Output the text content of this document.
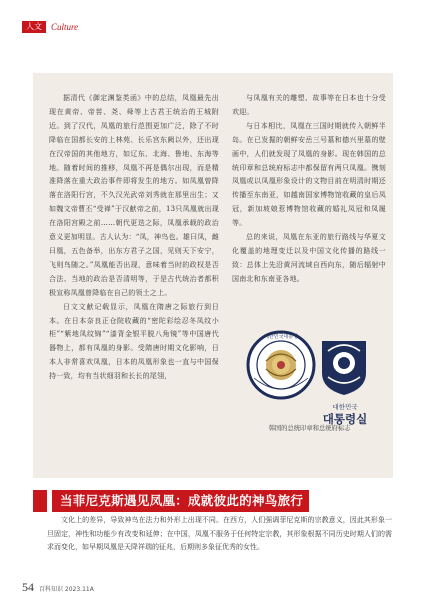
人文	Culture

据清代《御定渊鉴类函》中的总结，凤凰最先出现在黄帝、帝喾、尧、舜等上古君王统治的王城附近。到了汉代，凤凰的旅行范围更加广泛，除了不时降临在国都长安的上林苑、长乐宫东阙以外，还出现在汉帝国的其他地方，如辽东、北海、鲁地、东海等地。随着时间的推移，凤凰不再是偶尔出现，而是精准降落在重大政治事件即将发生的地方。如凤凰曾降落在洛阳行宫，不久汉光武帝刘秀就在那里出生；又如魏文帝曹丕“受禅”于汉献帝之前，13只凤凰就出现在洛阳宫殿之前……朝代更迭之际，凤凰承载的政治意义更加明显。古人认为：“凤，神鸟也。雄曰凤，雌曰凰，五色备举，出东方君子之国，见则天下安宁，飞则鸟随之。”凤凰能否出现，意味着当时的政权是否合法、当地的政治是否清明等，于是古代统治者都积极宣称凤凰曾降临在自己的领土之上。

日文文献记载显示，凤凰在隋唐之际旅行到日本。在日本奈良正仓院收藏的“密陀彩绘忍冬凤纹小柜”“紫地凤纹锦”“漆背金银平脱八角镜”等中国唐代器物上，都有凤凰的身影。受隋唐时期文化影响，日本人非常喜欢凤凰，日本的凤凰形象也一直与中国保持一致，均有当状细羽和长长的尾翎，

与凤凰有关的雕塑、故事等在日本也十分受欢迎。

与日本相比，凤凰在三国时期就传入朝鲜半岛。在已发掘的朝鲜安岳三号墓和德兴里墓的壁画中，人们就发现了凤凰的身影。现在韩国的总统印章和总统府标志中都保留有两只凤凰。镌刻凤凰或以凤凰形象设计的文物目前在明清时期还传播至东南亚，如越南国家博物馆收藏的皇后凤冠，新加坡娘惹博物馆收藏的婚礼凤冠和凤履等。

总的来说，凤凰在东亚的旅行路线与华夏文化覆盖的地理变迁以及中国文化传播的路线一致：总体上先沿黄河流域自西向东，随后辐射中国南北和东南亚各地。

대한민국대통령
대한민국
대통령실
韩国的总统印章和总统府标志
当菲尼克斯遇见凤凰：成就彼此的神鸟旅行

文化上的差异，导致神鸟在法力和外形上出现不同。在西方，人们强调菲尼克斯的宗教意义，因此其形象一旦固定，神性和功能少有改变和延伸；在中国，凤凰不服务于任何特定宗教，其形象根据不同历史时期人们的需求而变化，如早期凤凰是天降祥瑞的征兆，后期则多象征优秀的女性。

54 百科知识 2023.11A
